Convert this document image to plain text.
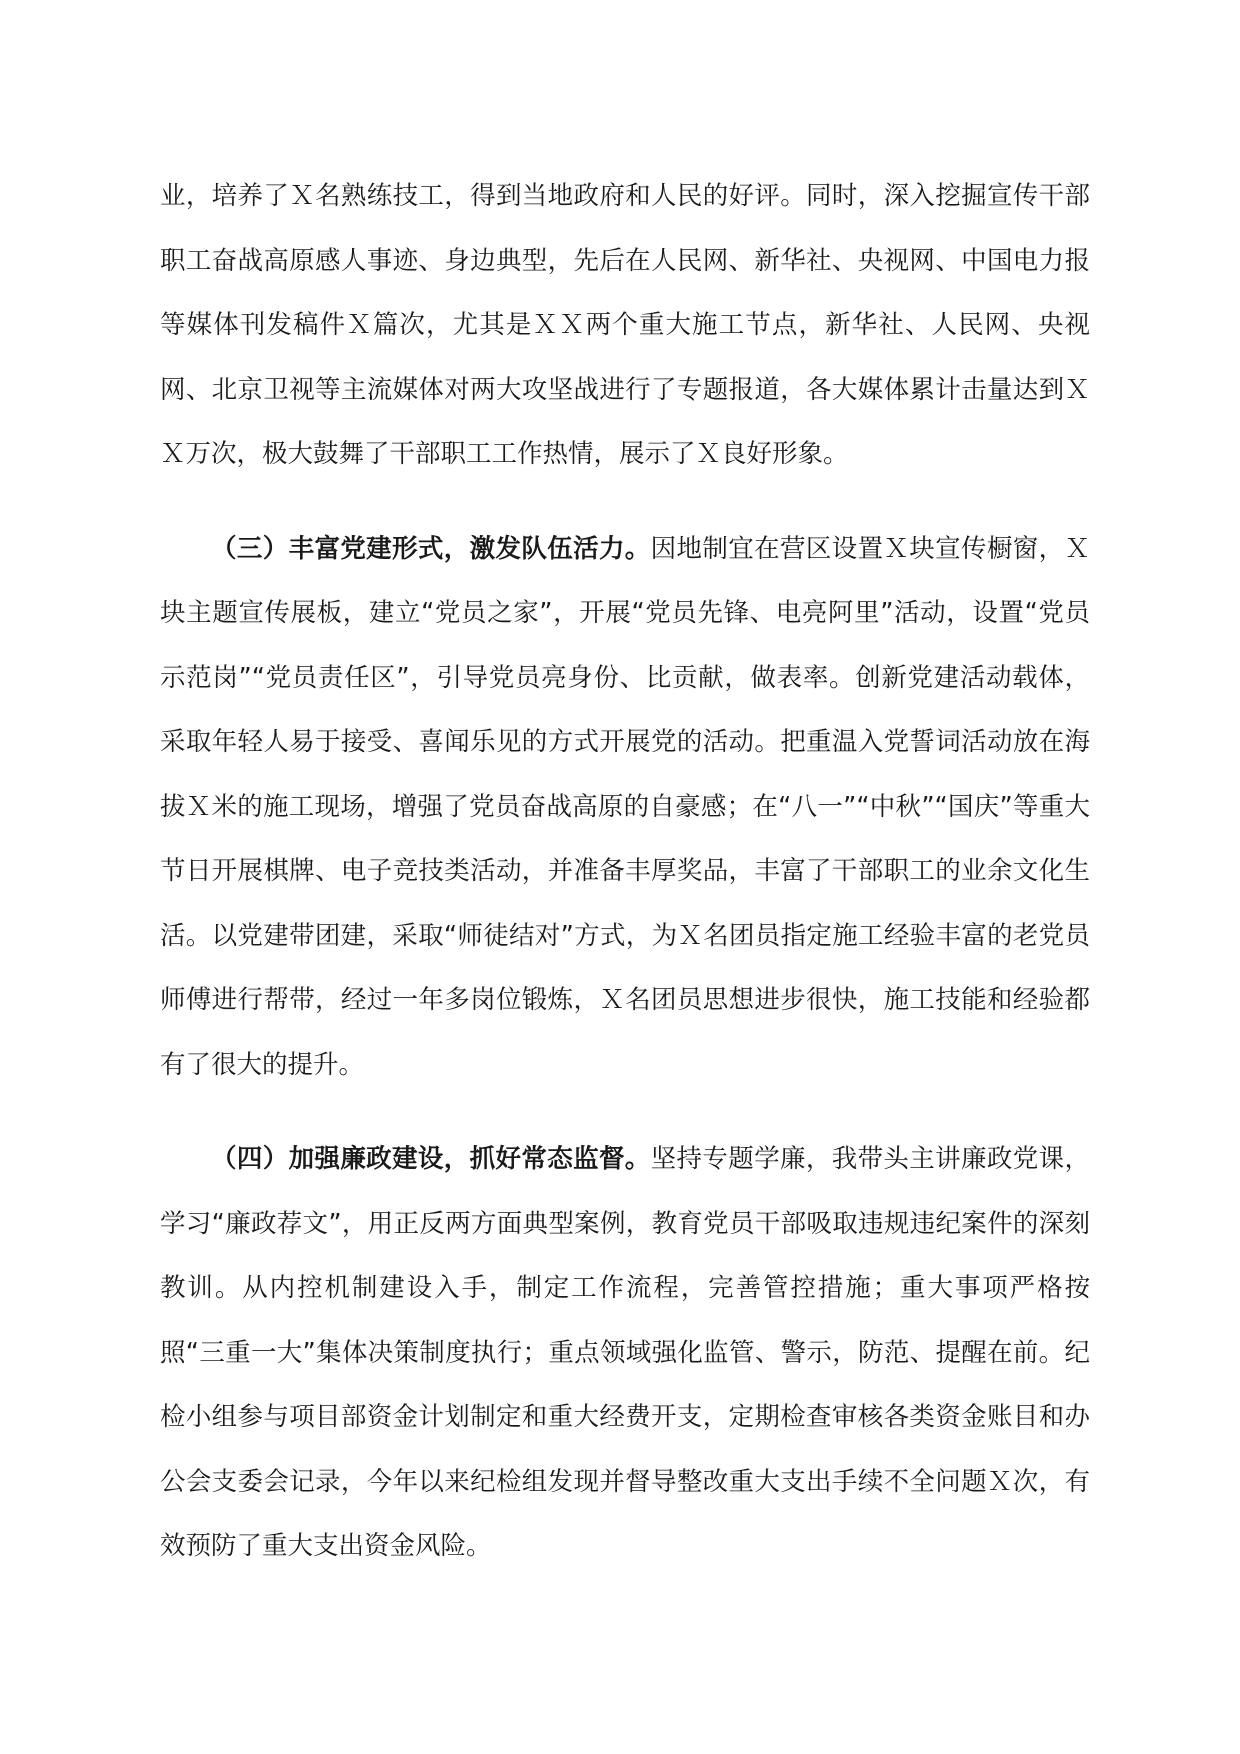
业，培养了Ｘ名熟练技工，得到当地政府和人民的好评。同时，深入挖掘宣传干部职工奋战高原感人事迹、身边典型，先后在人民网、新华社、央视网、中国电力报等媒体刊发稿件Ｘ篇次，尤其是ＸＸ两个重大施工节点，新华社、人民网、央视网、北京卫视等主流媒体对两大攻坚战进行了专题报道，各大媒体累计击量达到ＸＸ万次，极大鼓舞了干部职工工作热情，展示了Ｘ良好形象。

（三）丰富党建形式，激发队伍活力。因地制宜在营区设置Ｘ块宣传橱窗，Ｘ块主题宣传展板，建立“党员之家”，开展“党员先锋、电亮阿里”活动，设置“党员示范岗”“党员责任区”，引导党员亮身份、比贡献，做表率。创新党建活动载体，采取年轻人易于接受、喜闻乐见的方式开展党的活动。把重温入党誓词活动放在海拔Ｘ米的施工现场，增强了党员奋战高原的自豪感；在“八一”“中秋”“国庆”等重大节日开展棋牌、电子竞技类活动，并准备丰厚奖品，丰富了干部职工的业余文化生活。以党建带团建，采取“师徒结对”方式，为Ｘ名团员指定施工经验丰富的老党员师傅进行帮带，经过一年多岗位锻炼，Ｘ名团员思想进步很快，施工技能和经验都有了很大的提升。

（四）加强廉政建设，抓好常态监督。坚持专题学廉，我带头主讲廉政党课，学习“廉政荐文”，用正反两方面典型案例，教育党员干部吸取违规违纪案件的深刻教训。从内控机制建设入手，制定工作流程，完善管控措施；重大事项严格按照“三重一大”集体决策制度执行；重点领域强化监管、警示，防范、提醒在前。纪检小组参与项目部资金计划制定和重大经费开支，定期检查审核各类资金账目和办公会支委会记录，今年以来纪检组发现并督导整改重大支出手续不全问题Ｘ次，有效预防了重大支出资金风险。
